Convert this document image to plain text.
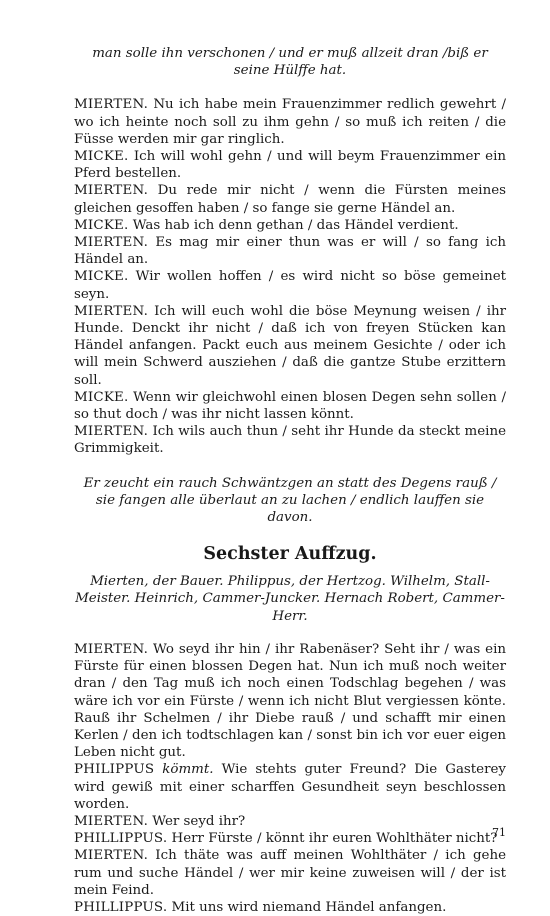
man solle ihn verschonen / und er muß allzeit dran /biß er seine Hülffe hat.

MIERTEN. Nu ich habe mein Frauenzimmer redlich gewehrt / wo ich heinte noch soll zu ihm gehn / so muß ich reiten / die Füsse werden mir gar ringlich.

MICKE. Ich will wohl gehn / und will beym Frauenzimmer ein Pferd bestellen.

MIERTEN. Du rede mir nicht / wenn die Fürsten meines gleichen gesoffen haben / so fange sie gerne Händel an.

MICKE. Was hab ich denn gethan / das Händel verdient.

MIERTEN. Es mag mir einer thun was er will / so fang ich Händel an.

MICKE. Wir wollen hoffen / es wird nicht so böse gemeinet seyn.

MIERTEN. Ich will euch wohl die böse Meynung weisen / ihr Hunde. Denckt ihr nicht / daß ich von freyen Stücken kan Händel anfangen. Packt euch aus meinem Gesichte / oder ich will mein Schwerd ausziehen / daß die gantze Stube erzittern soll.

MICKE. Wenn wir gleichwohl einen blosen Degen sehn sollen / so thut doch / was ihr nicht lassen könnt.

MIERTEN. Ich wils auch thun / seht ihr Hunde da steckt meine Grimmigkeit.

Er zeucht ein rauch Schwäntzgen an statt des Degens rauß / sie fangen alle überlaut an zu lachen / endlich lauffen sie davon.

Sechster Auffzug.

Mierten, der Bauer. Philippus, der Hertzog. Wilhelm, Stall-Meister. Heinrich, Cammer-Juncker. Hernach Robert, Cammer-Herr.

MIERTEN. Wo seyd ihr hin / ihr Rabenäser? Seht ihr / was ein Fürste für einen blossen Degen hat. Nun ich muß noch weiter dran / den Tag muß ich noch einen Todschlag begehen / was wäre ich vor ein Fürste / wenn ich nicht Blut vergiessen könte. Rauß ihr Schelmen / ihr Diebe rauß / und schafft mir einen Kerlen / den ich todtschlagen kan / sonst bin ich vor euer eigen Leben nicht gut.

PHILIPPUS kömmt. Wie stehts guter Freund? Die Gasterey wird gewiß mit einer scharffen Gesundheit seyn beschlossen worden.

MIERTEN. Wer seyd ihr?

PHILLIPPUS. Herr Fürste / könnt ihr euren Wohlthäter nicht?

MIERTEN. Ich thäte was auff meinen Wohlthäter / ich gehe rum und suche Händel / wer mir keine zuweisen will / der ist mein Feind.

PHILLIPPUS. Mit uns wird niemand Händel anfangen.

71
